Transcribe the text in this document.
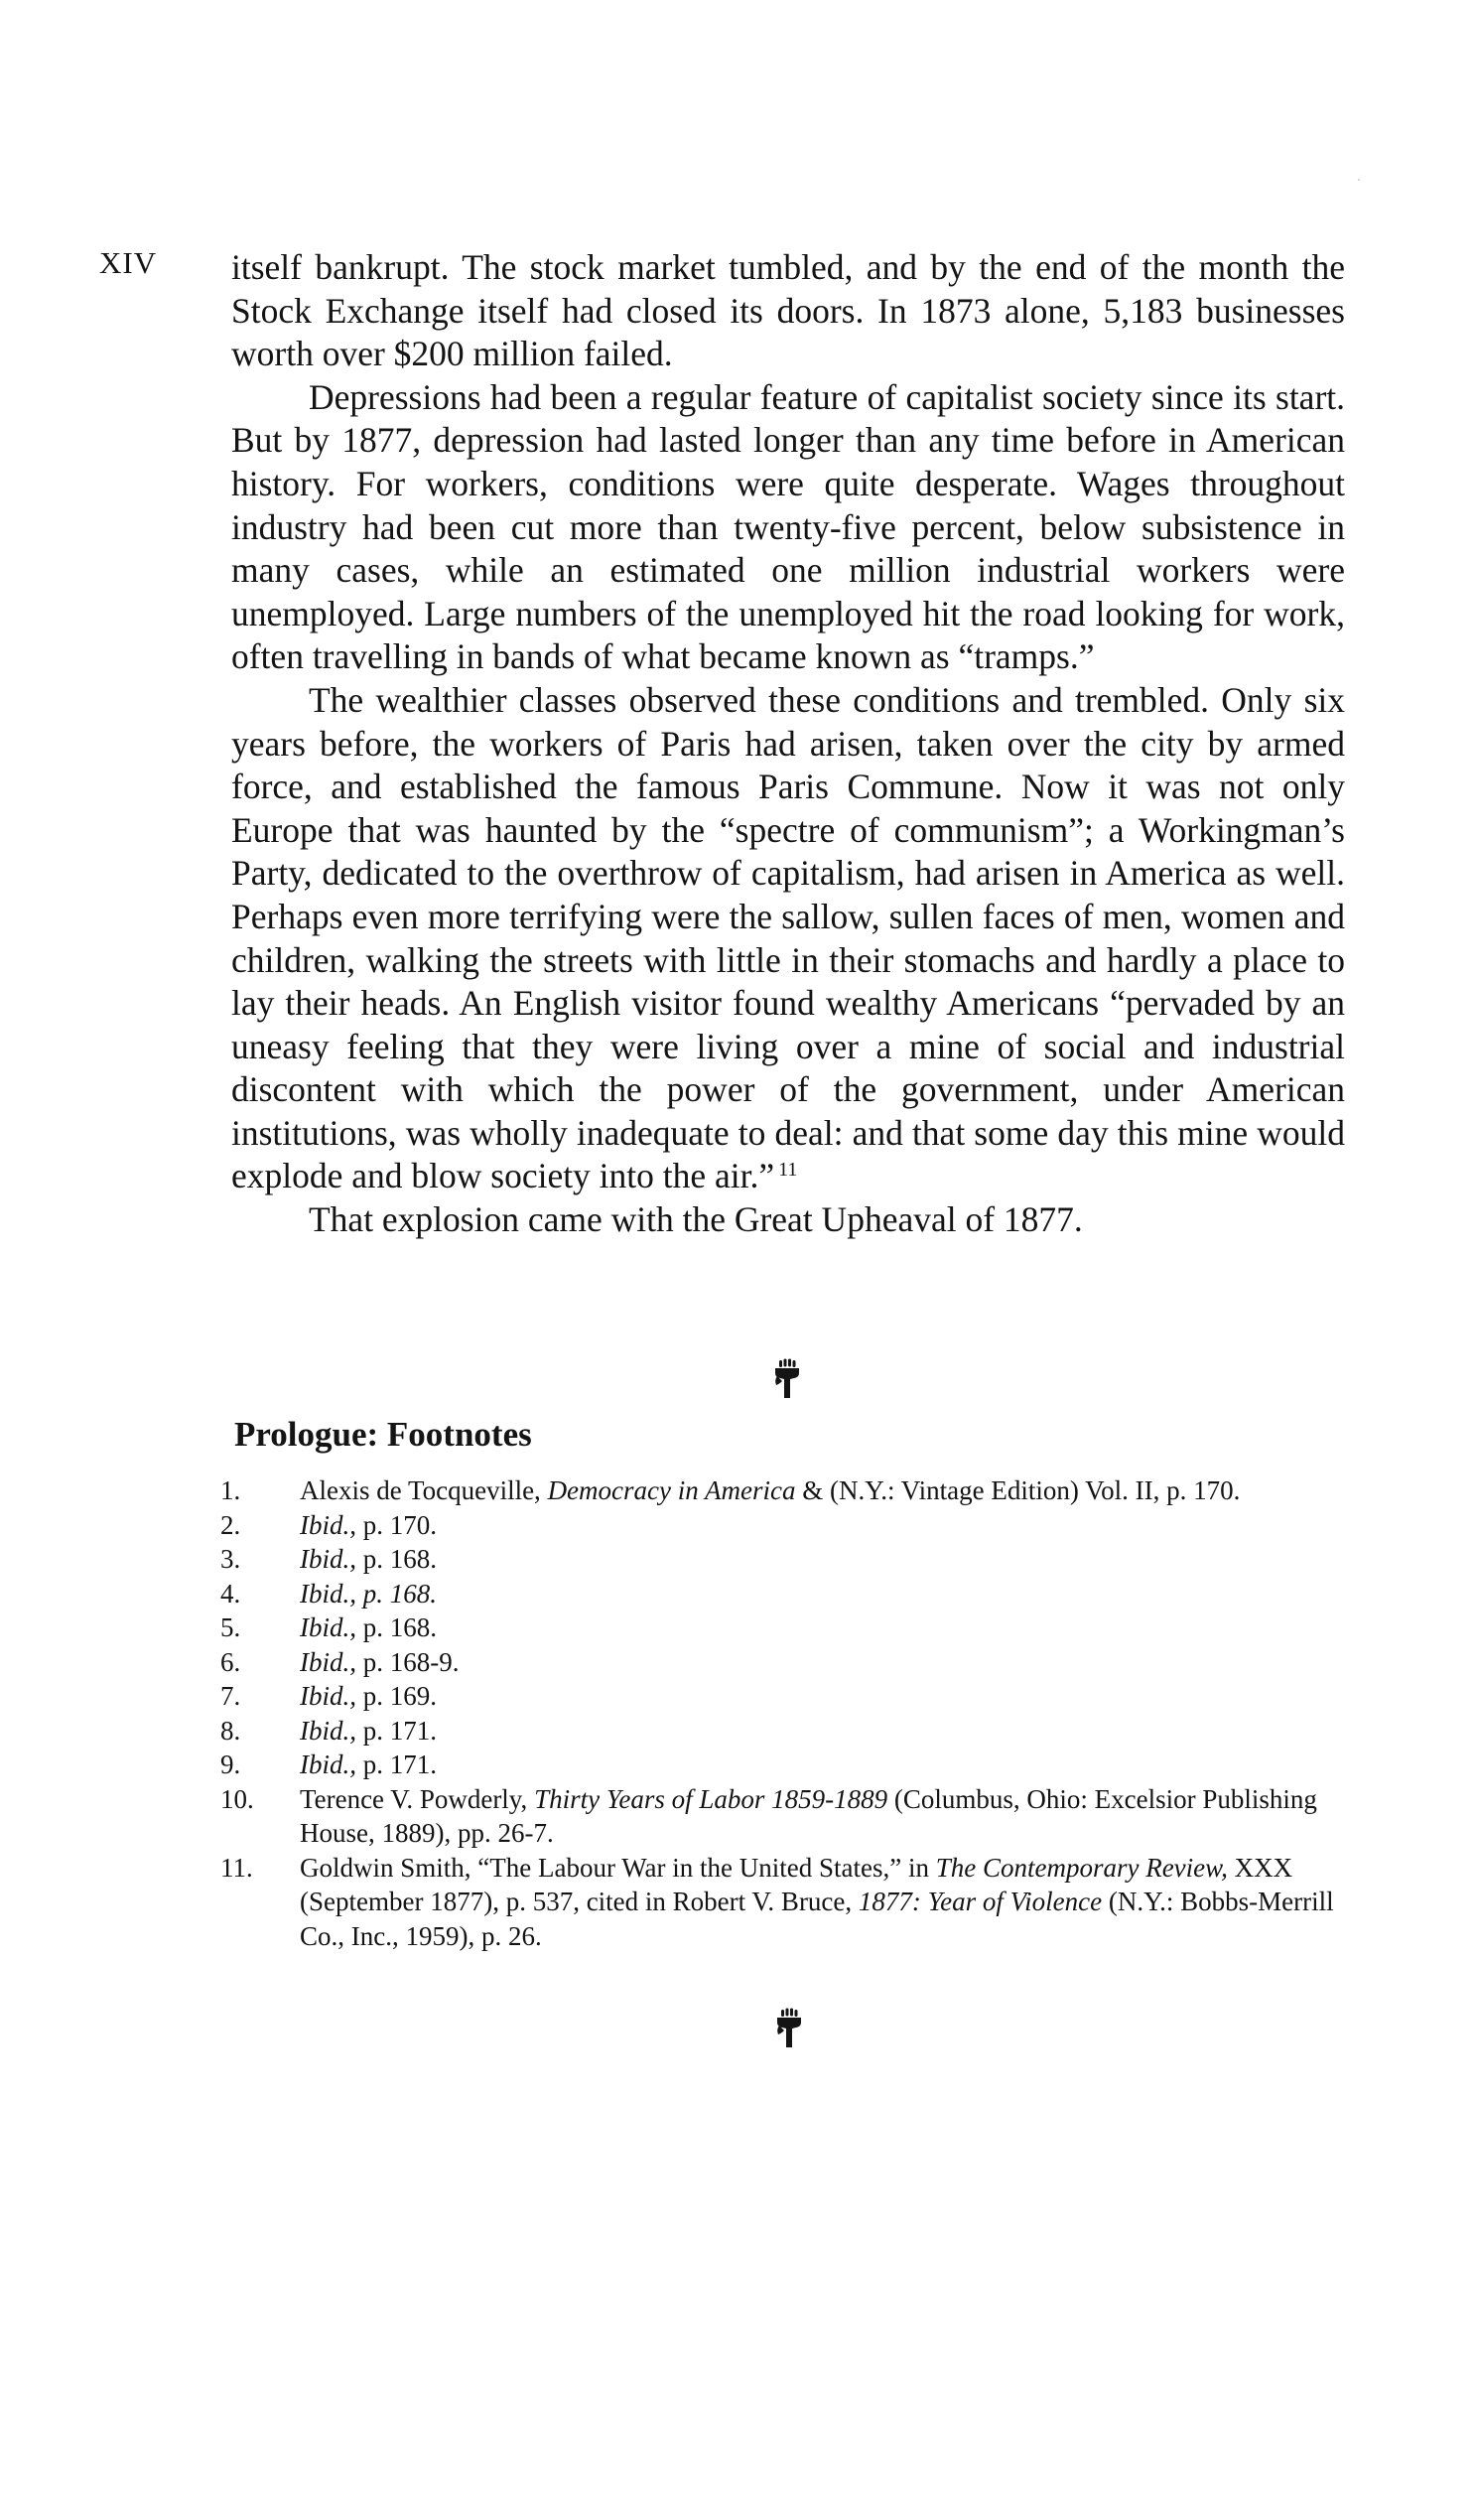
XIV itself bankrupt. The stock market tumbled, and by the end of the month the Stock Exchange itself had closed its doors. In 1873 alone, 5,183 businesses worth over $200 million failed.

Depressions had been a regular feature of capitalist society since its start. But by 1877, depression had lasted longer than any time before in American history. For workers, conditions were quite desperate. Wages throughout industry had been cut more than twenty-five percent, below subsistence in many cases, while an estimated one million industrial workers were unemployed. Large numbers of the unemployed hit the road looking for work, often travelling in bands of what became known as “tramps.”

The wealthier classes observed these conditions and trembled. Only six years before, the workers of Paris had arisen, taken over the city by armed force, and established the famous Paris Commune. Now it was not only Europe that was haunted by the “spectre of communism”; a Workingman’s Party, dedicated to the overthrow of capitalism, had arisen in America as well. Perhaps even more terrifying were the sallow, sullen faces of men, women and children, walking the streets with little in their stomachs and hardly a place to lay their heads. An English visitor found wealthy Americans “pervaded by an uneasy feeling that they were living over a mine of social and industrial discontent with which the power of the government, under American institutions, was wholly inadequate to deal: and that some day this mine would explode and blow society into the air.” $^{11}$

That explosion came with the Great Upheaval of 1877.

Prologue: Footnotes
1.	Alexis de Tocqueville, Democracy in America & (N.Y.: Vintage Edition) Vol. II, p. 170.
2.	Ibid., p. 170.
3.	Ibid., p. 168.
4.	Ibid., p. 168.
5.	Ibid., p. 168.
6.	Ibid., p. 168-9.
7.	Ibid., p. 169.
8.	Ibid., p. 171.
9.	Ibid., p. 171.
10.	Terence V. Powderly, Thirty Years of Labor 1859-1889 (Columbus, Ohio: Excelsior Publishing House, 1889), pp. 26-7.
11.	Goldwin Smith, “The Labour War in the United States,” in The Contemporary Review, XXX (September 1877), p. 537, cited in Robert V. Bruce, 1877: Year of Violence (N.Y.: Bobbs-Merrill Co., Inc., 1959), p. 26.
